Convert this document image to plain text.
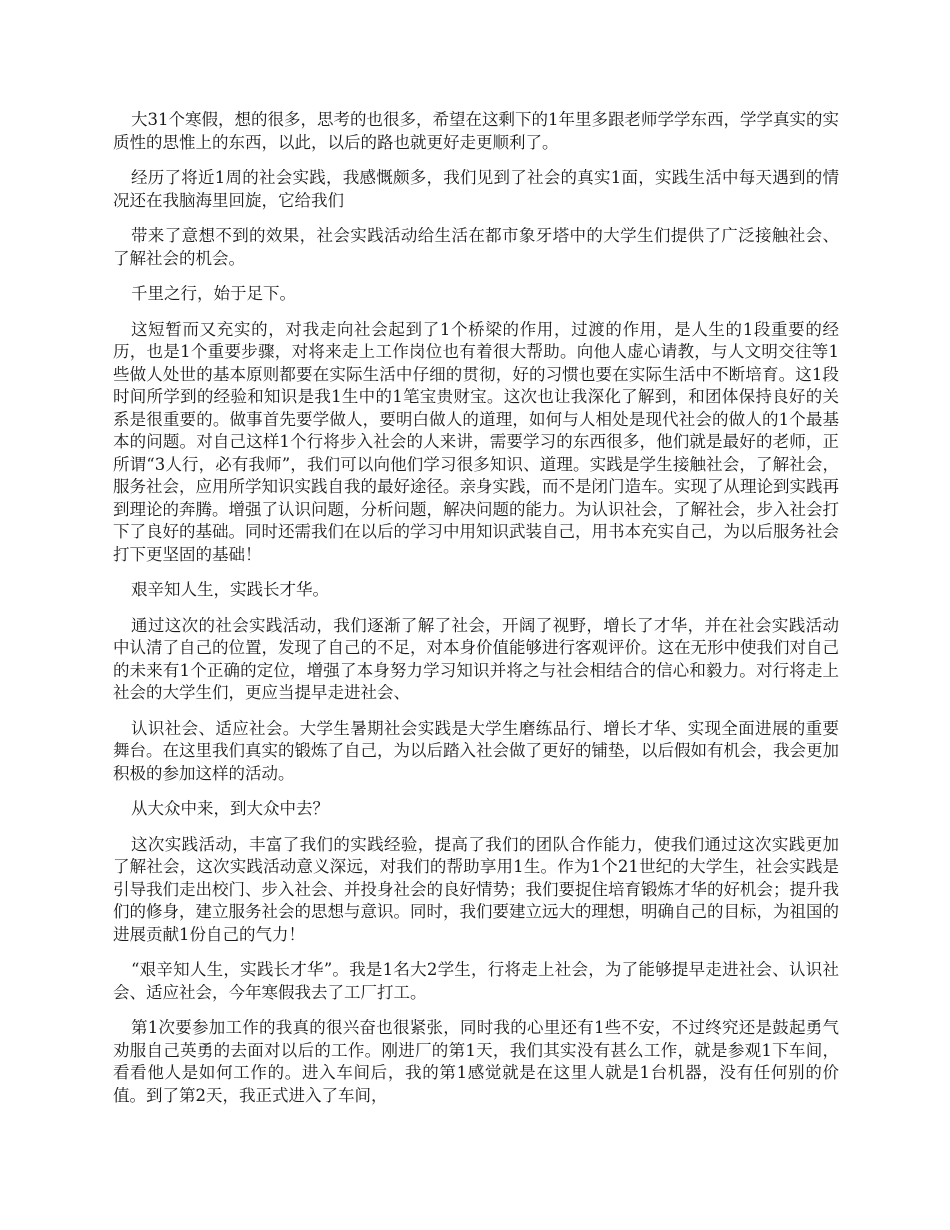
大31个寒假，想的很多，思考的也很多，希望在这剩下的1年里多跟老师学学东西，学学真实的实质性的思惟上的东西，以此，以后的路也就更好走更顺利了。

经历了将近1周的社会实践，我感慨颇多，我们见到了社会的真实1面，实践生活中每天遇到的情况还在我脑海里回旋，它给我们

带来了意想不到的效果，社会实践活动给生活在都市象牙塔中的大学生们提供了广泛接触社会、了解社会的机会。

千里之行，始于足下。

这短暂而又充实的，对我走向社会起到了1个桥梁的作用，过渡的作用，是人生的1段重要的经历，也是1个重要步骤，对将来走上工作岗位也有着很大帮助。向他人虚心请教，与人文明交往等1些做人处世的基本原则都要在实际生活中仔细的贯彻，好的习惯也要在实际生活中不断培育。这1段时间所学到的经验和知识是我1生中的1笔宝贵财宝。这次也让我深化了解到，和团体保持良好的关系是很重要的。做事首先要学做人，要明白做人的道理，如何与人相处是现代社会的做人的1个最基本的问题。对自己这样1个行将步入社会的人来讲，需要学习的东西很多，他们就是最好的老师，正所谓“3人行，必有我师”，我们可以向他们学习很多知识、道理。实践是学生接触社会，了解社会，服务社会，应用所学知识实践自我的最好途径。亲身实践，而不是闭门造车。实现了从理论到实践再到理论的奔腾。增强了认识问题，分析问题，解决问题的能力。为认识社会，了解社会，步入社会打下了良好的基础。同时还需我们在以后的学习中用知识武装自己，用书本充实自己，为以后服务社会打下更坚固的基础！

艰辛知人生，实践长才华。

通过这次的社会实践活动，我们逐渐了解了社会，开阔了视野，增长了才华，并在社会实践活动中认清了自己的位置，发现了自己的不足，对本身价值能够进行客观评价。这在无形中使我们对自己的未来有1个正确的定位，增强了本身努力学习知识并将之与社会相结合的信心和毅力。对行将走上社会的大学生们，更应当提早走进社会、

认识社会、适应社会。大学生暑期社会实践是大学生磨练品行、增长才华、实现全面进展的重要舞台。在这里我们真实的锻炼了自己，为以后踏入社会做了更好的铺垫，以后假如有机会，我会更加积极的参加这样的活动。

从大众中来，到大众中去？

这次实践活动，丰富了我们的实践经验，提高了我们的团队合作能力，使我们通过这次实践更加了解社会，这次实践活动意义深远，对我们的帮助享用1生。作为1个21世纪的大学生，社会实践是引导我们走出校门、步入社会、并投身社会的良好情势；我们要捉住培育锻炼才华的好机会；提升我们的修身，建立服务社会的思想与意识。同时，我们要建立远大的理想，明确自己的目标，为祖国的进展贡献1份自己的气力！

“艰辛知人生，实践长才华”。我是1名大2学生，行将走上社会，为了能够提早走进社会、认识社会、适应社会，今年寒假我去了工厂打工。

第1次要参加工作的我真的很兴奋也很紧张，同时我的心里还有1些不安，不过终究还是鼓起勇气劝服自己英勇的去面对以后的工作。刚进厂的第1天，我们其实没有甚么工作，就是参观1下车间，看看他人是如何工作的。进入车间后，我的第1感觉就是在这里人就是1台机器，没有任何别的价值。到了第2天，我正式进入了车间，
